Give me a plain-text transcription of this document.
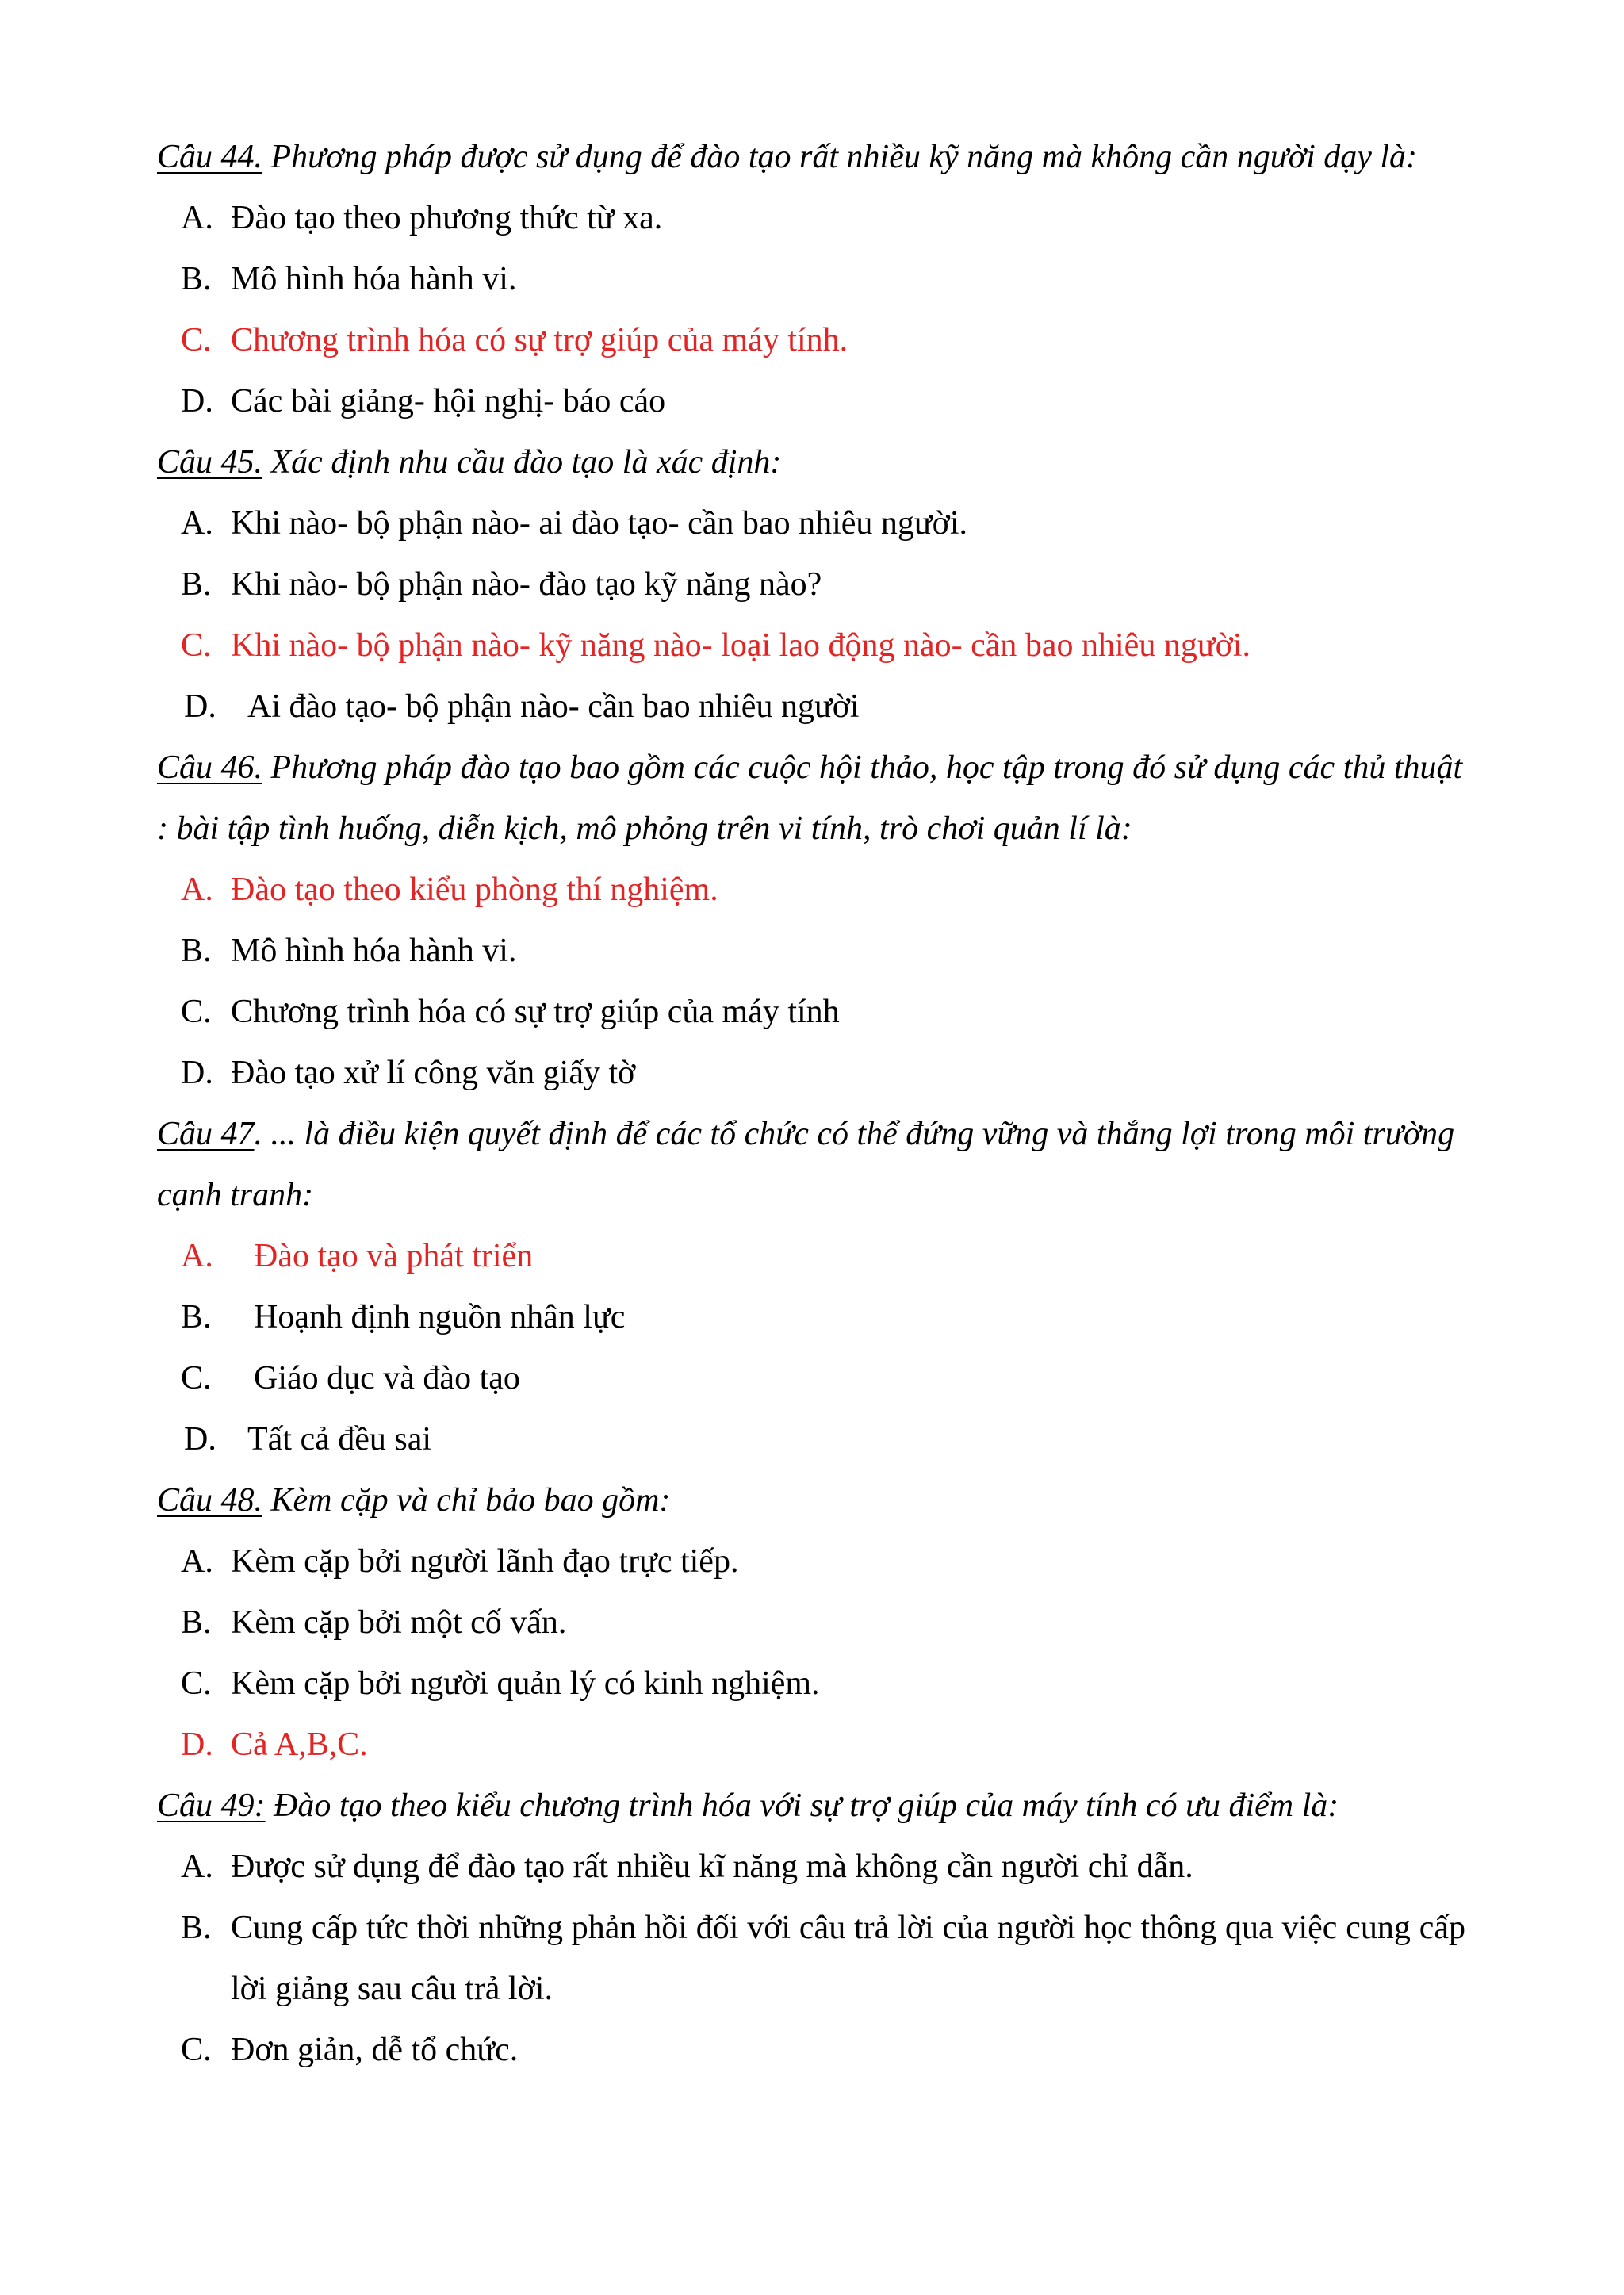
Câu 44. Phương pháp được sử dụng để đào tạo rất nhiều kỹ năng mà không cần người dạy là:
A. Đào tạo theo phương thức từ xa.
B. Mô hình hóa hành vi.
C. Chương trình hóa có sự trợ giúp của máy tính.
D. Các bài giảng- hội nghị- báo cáo
Câu 45. Xác định nhu cầu đào tạo là xác định:
A. Khi nào- bộ phận nào- ai đào tạo- cần bao nhiêu người.
B. Khi nào- bộ phận nào- đào tạo kỹ năng nào?
C. Khi nào- bộ phận nào- kỹ năng nào- loại lao động nào- cần bao nhiêu người.
D. Ai đào tạo- bộ phận nào- cần bao nhiêu người
Câu 46. Phương pháp đào tạo bao gồm các cuộc hội thảo, học tập trong đó sử dụng các thủ thuật : bài tập tình huống, diễn kịch, mô phỏng trên vi tính, trò chơi quản lí là:
A. Đào tạo theo kiểu phòng thí nghiệm.
B. Mô hình hóa hành vi.
C. Chương trình hóa có sự trợ giúp của máy tính
D. Đào tạo xử lí công văn giấy tờ
Câu 47. ... là điều kiện quyết định để các tổ chức có thể đứng vững và thắng lợi trong môi trường cạnh tranh:
A.	Đào tạo và phát triển
B.	Hoạnh định nguồn nhân lực
C.	Giáo dục và đào tạo
D. Tất cả đều sai
Câu 48. Kèm cặp và chỉ bảo bao gồm:
A. Kèm cặp bởi người lãnh đạo trực tiếp.
B. Kèm cặp bởi một cố vấn.
C. Kèm cặp bởi người quản lý có kinh nghiệm.
D. Cả A,B,C.
Câu 49: Đào tạo theo kiểu chương trình hóa với sự trợ giúp của máy tính có ưu điểm là:
A. Được sử dụng để đào tạo rất nhiều kĩ năng mà không cần người chỉ dẫn.
B. Cung cấp tức thời những phản hồi đối với câu trả lời của người học thông qua việc cung cấp lời giảng sau câu trả lời.
C. Đơn giản, dễ tổ chức.
